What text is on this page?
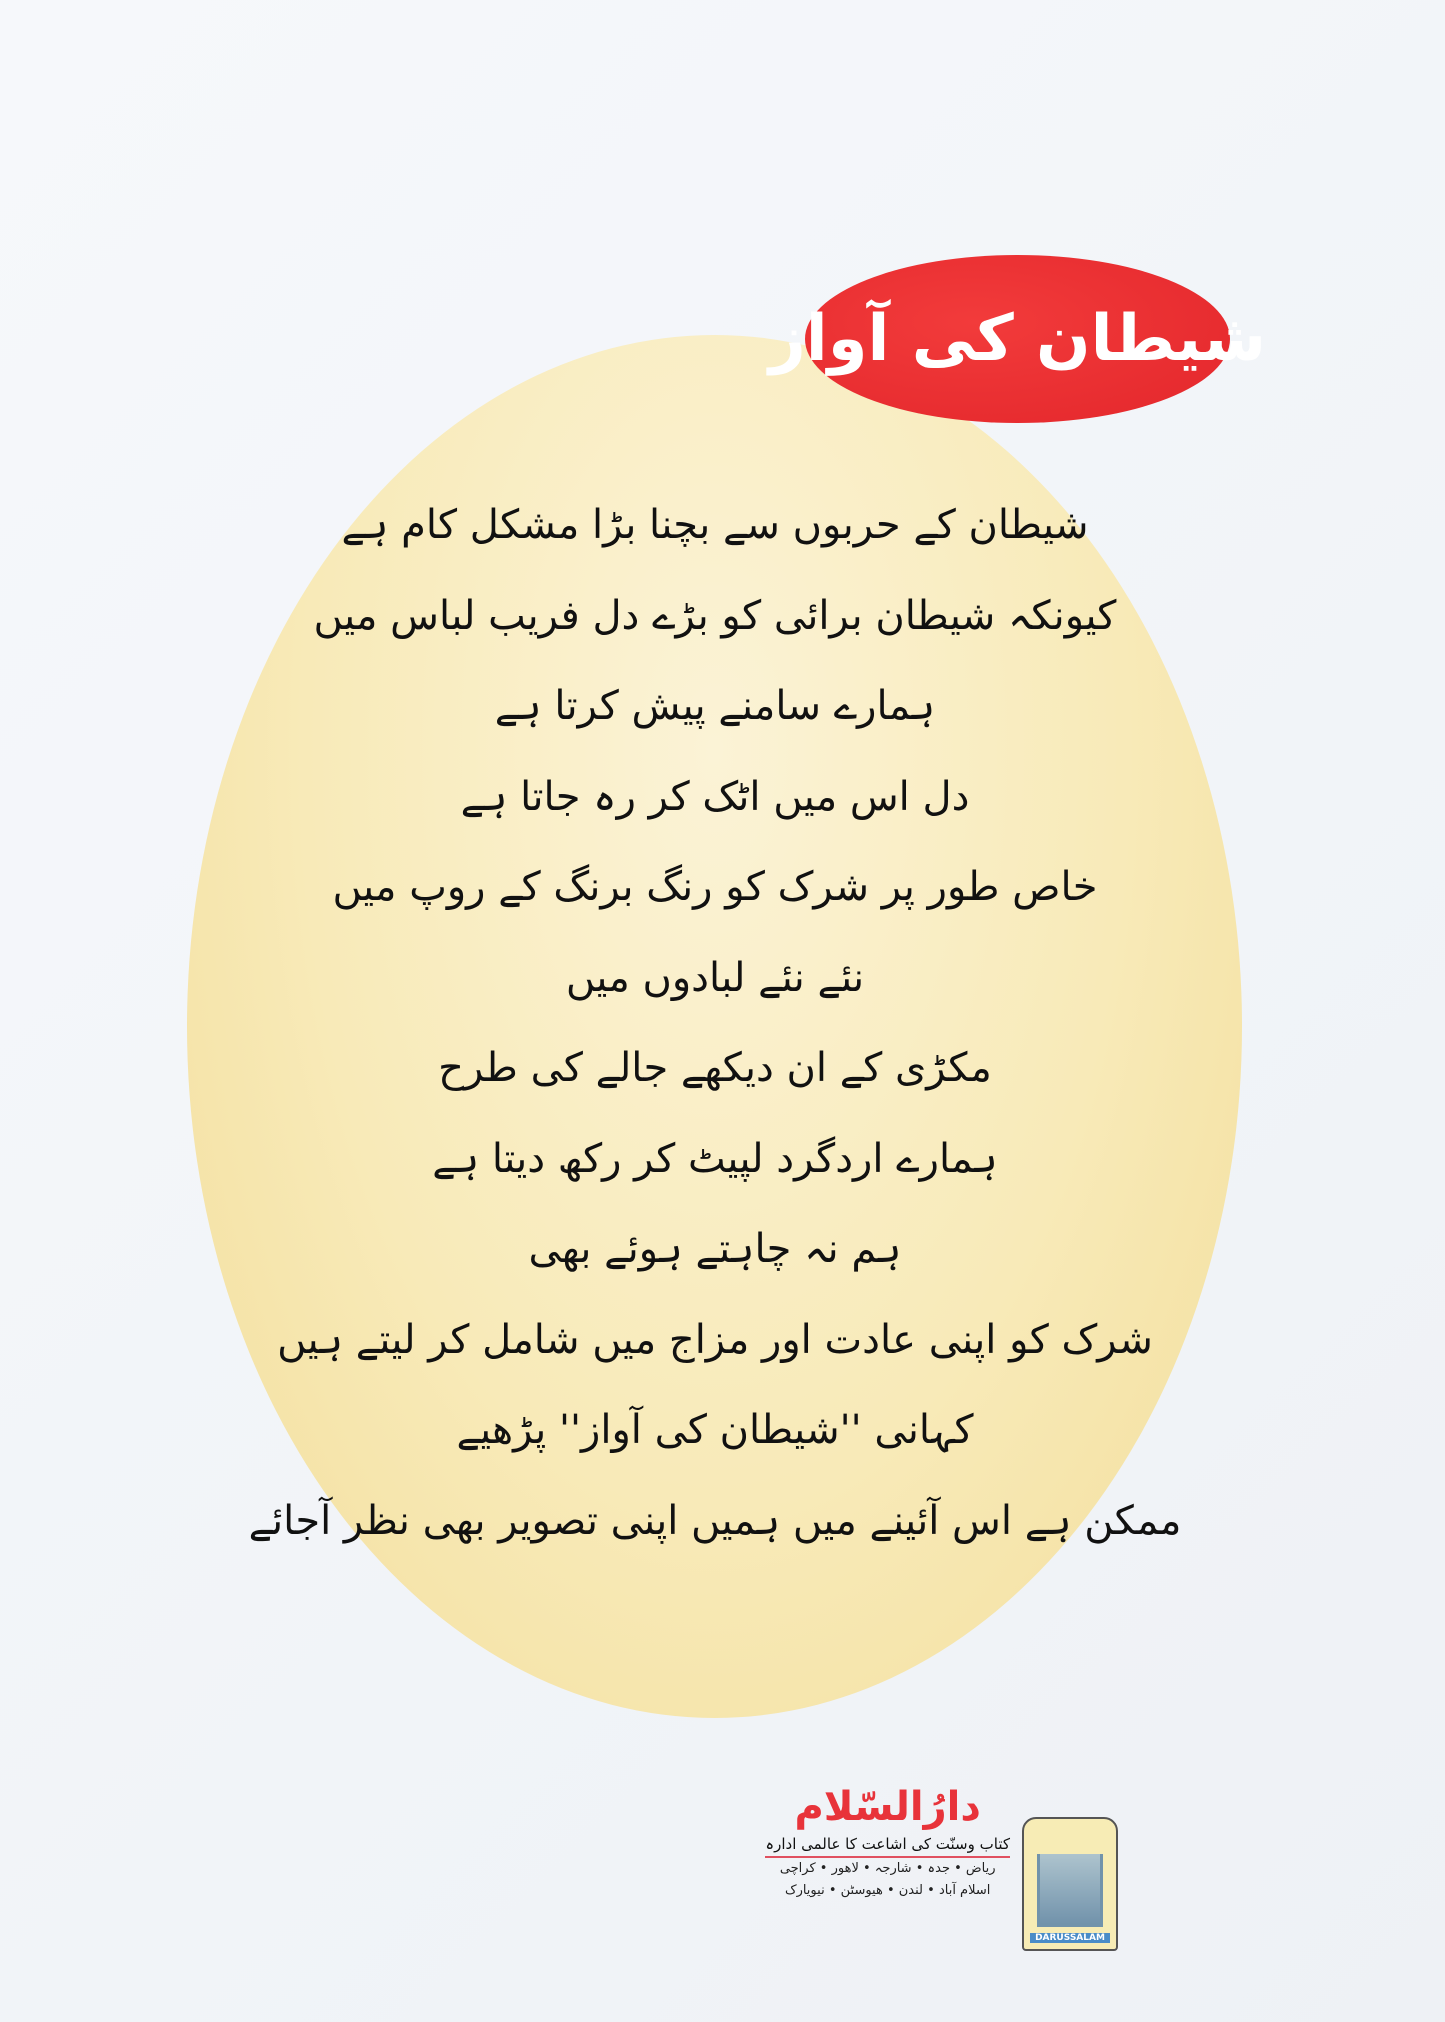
شیطان کی آواز
شیطان کے حربوں سے بچنا بڑا مشکل کام ہے
کیونکہ شیطان برائی کو بڑے دل فریب لباس میں
ہمارے سامنے پیش کرتا ہے
دل اس میں اٹک کر رہ جاتا ہے
خاص طور پر شرک کو رنگ برنگ کے روپ میں
نئے نئے لبادوں میں
مکڑی کے ان دیکھے جالے کی طرح
ہمارے اردگرد لپیٹ کر رکھ دیتا ہے
ہم نہ چاہتے ہوئے بھی
شرک کو اپنی عادت اور مزاج میں شامل کر لیتے ہیں
کہانی ''شیطان کی آواز'' پڑھیے
ممکن ہے اس آئینے میں ہمیں اپنی تصویر بھی نظر آجائے
دارُالسّلام
کتاب وسنّت کی اشاعت کا عالمی ادارہ
ریاض • جدہ • شارجہ • لاھور • کراچی
اسلام آباد • لندن • ھیوسٹن • نیویارک
DARUSSALAM
